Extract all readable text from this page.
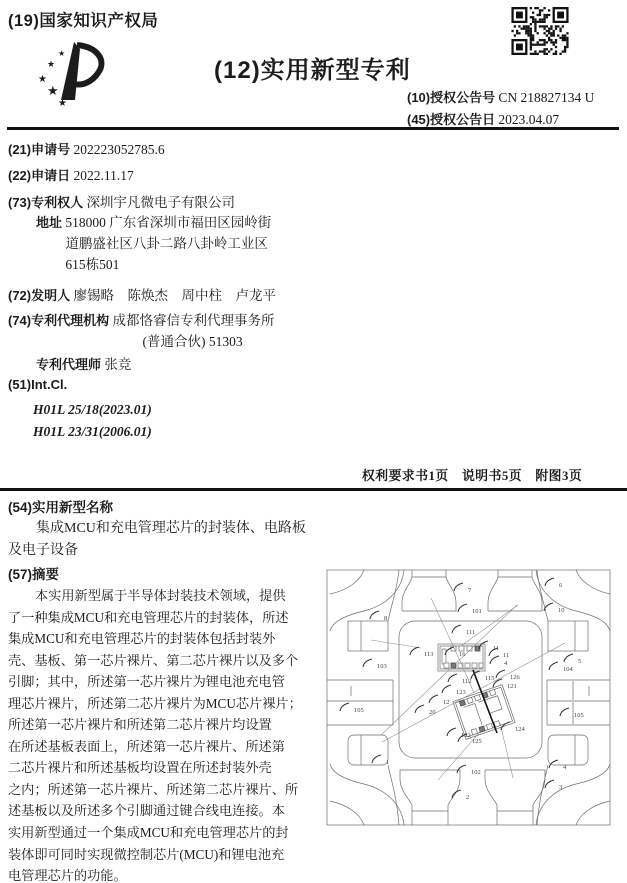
(19)国家知识产权局
★
★
★
★
★
(12)实用新型专利
(10)授权公告号 CN 218827134 U
(45)授权公告日 2023.04.07
(21)申请号 202223052785.6
(22)申请日 2022.11.17
(73)专利权人 深圳宇凡微电子有限公司
地址 518000 广东省深圳市福田区园岭街
道鹏盛社区八卦二路八卦岭工业区
615栋501
(72)发明人 廖锡略　陈焕杰　周中柱　卢龙平
(74)专利代理机构 成都恪睿信专利代理事务所
(普通合伙) 51303
专利代理师 张竞
(51)Int.Cl.
H01L 25/18(2023.01)
H01L 23/31(2006.01)
权利要求书1页　说明书5页　附图3页
(54)实用新型名称
集成MCU和充电管理芯片的封装体、电路板
及电子设备
(57)摘要
本实用新型属于半导体封装技术领域，提供
了一种集成MCU和充电管理芯片的封装体，所述
集成MCU和充电管理芯片的封装体包括封装外
壳、基板、第一芯片裸片、第二芯片裸片以及多个
引脚；其中，所述第一芯片裸片为锂电池充电管
理芯片裸片，所述第二芯片裸片为MCU芯片裸片；
所述第一芯片裸片和所述第二芯片裸片均设置
在所述基板表面上，所述第一芯片裸片、所述第
二芯片裸片和所述基板均设置在所述封装外壳
之内；所述第一芯片裸片、所述第二芯片裸片、所
述基板以及所述多个引脚通过键合线电连接。本
实用新型通过一个集成MCU和充电管理芯片的封
装体即可同时实现微控制芯片(MCU)和锂电池充
电管理芯片的功能。
7
6
101	10
8
111
11
11
4
113	16
5
103	104
112 115 126
121
123
105
12
105
20
124
122
125
1
4
102
2
3
